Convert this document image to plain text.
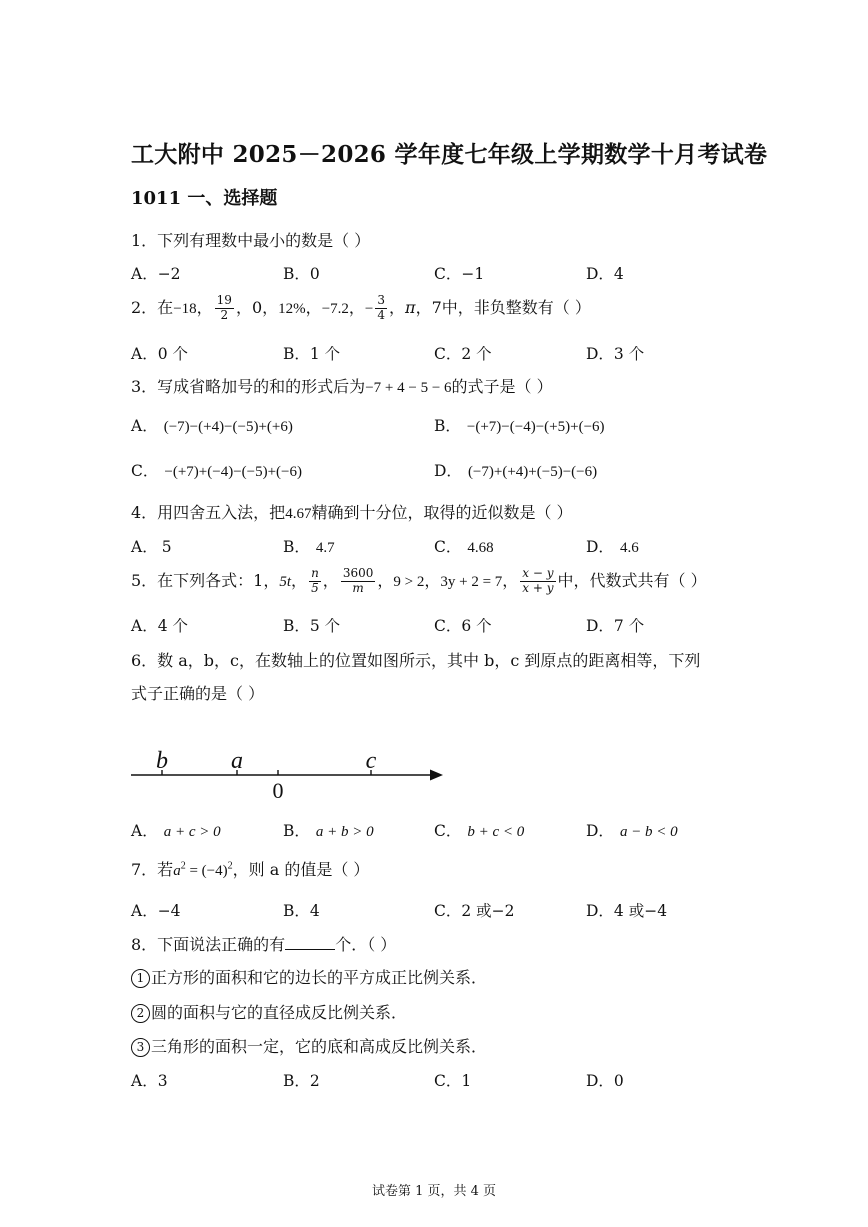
工大附中 2025－2026 学年度七年级上学期数学十月考试卷
1011 一、选择题
1．下列有理数中最小的数是（ ）
A．−2	B．0	C．−1	D．4
2．在−18， $\frac{19}{2}$ ，0，12%，−7.2，− $\frac{3}{4}$ ，π，7中，非负整数有（ ）
A．0 个	B．1 个	C．2 个	D．3 个
3．写成省略加号的和的形式后为−7 + 4 − 5 − 6的式子是（ ）
A． (−7)−(+4)−(−5)+(+6)	B． −(+7)−(−4)−(+5)+(−6)
C． −(+7)+(−4)−(−5)+(−6)	D． (−7)+(+4)+(−5)−(−6)
4．用四舍五入法，把4.67精确到十分位，取得的近似数是（ ）
A． 5	B． 4.7	C． 4.68	D． 4.6
5．在下列各式：1，5t， $\frac{n}{5}$ ， $\frac{3600}{m}$ ，9 > 2，3y + 2 = 7， $\frac{x - y}{x + y}$ 中，代数式共有（ ）
A．4 个	B．5 个	C．6 个	D．7 个
6．数 a，b，c，在数轴上的位置如图所示，其中 b，c 到原点的距离相等，下列
式子正确的是（ ）
b	a	c
0
A． a + c > 0	B． a + b > 0	C． b + c < 0	D． a − b < 0
7．若$a^2 = (-4)^2$，则 a 的值是（ ）
A．−4	B．4	C．2 或−2	D．4 或−4
8．下面说法正确的有	个．（ ）
1 正方形的面积和它的边长的平方成正比例关系．
2 圆的面积与它的直径成反比例关系．
3 三角形的面积一定，它的底和高成反比例关系．
A．3	B．2	C．1	D．0
试卷第 1 页，共 4 页
